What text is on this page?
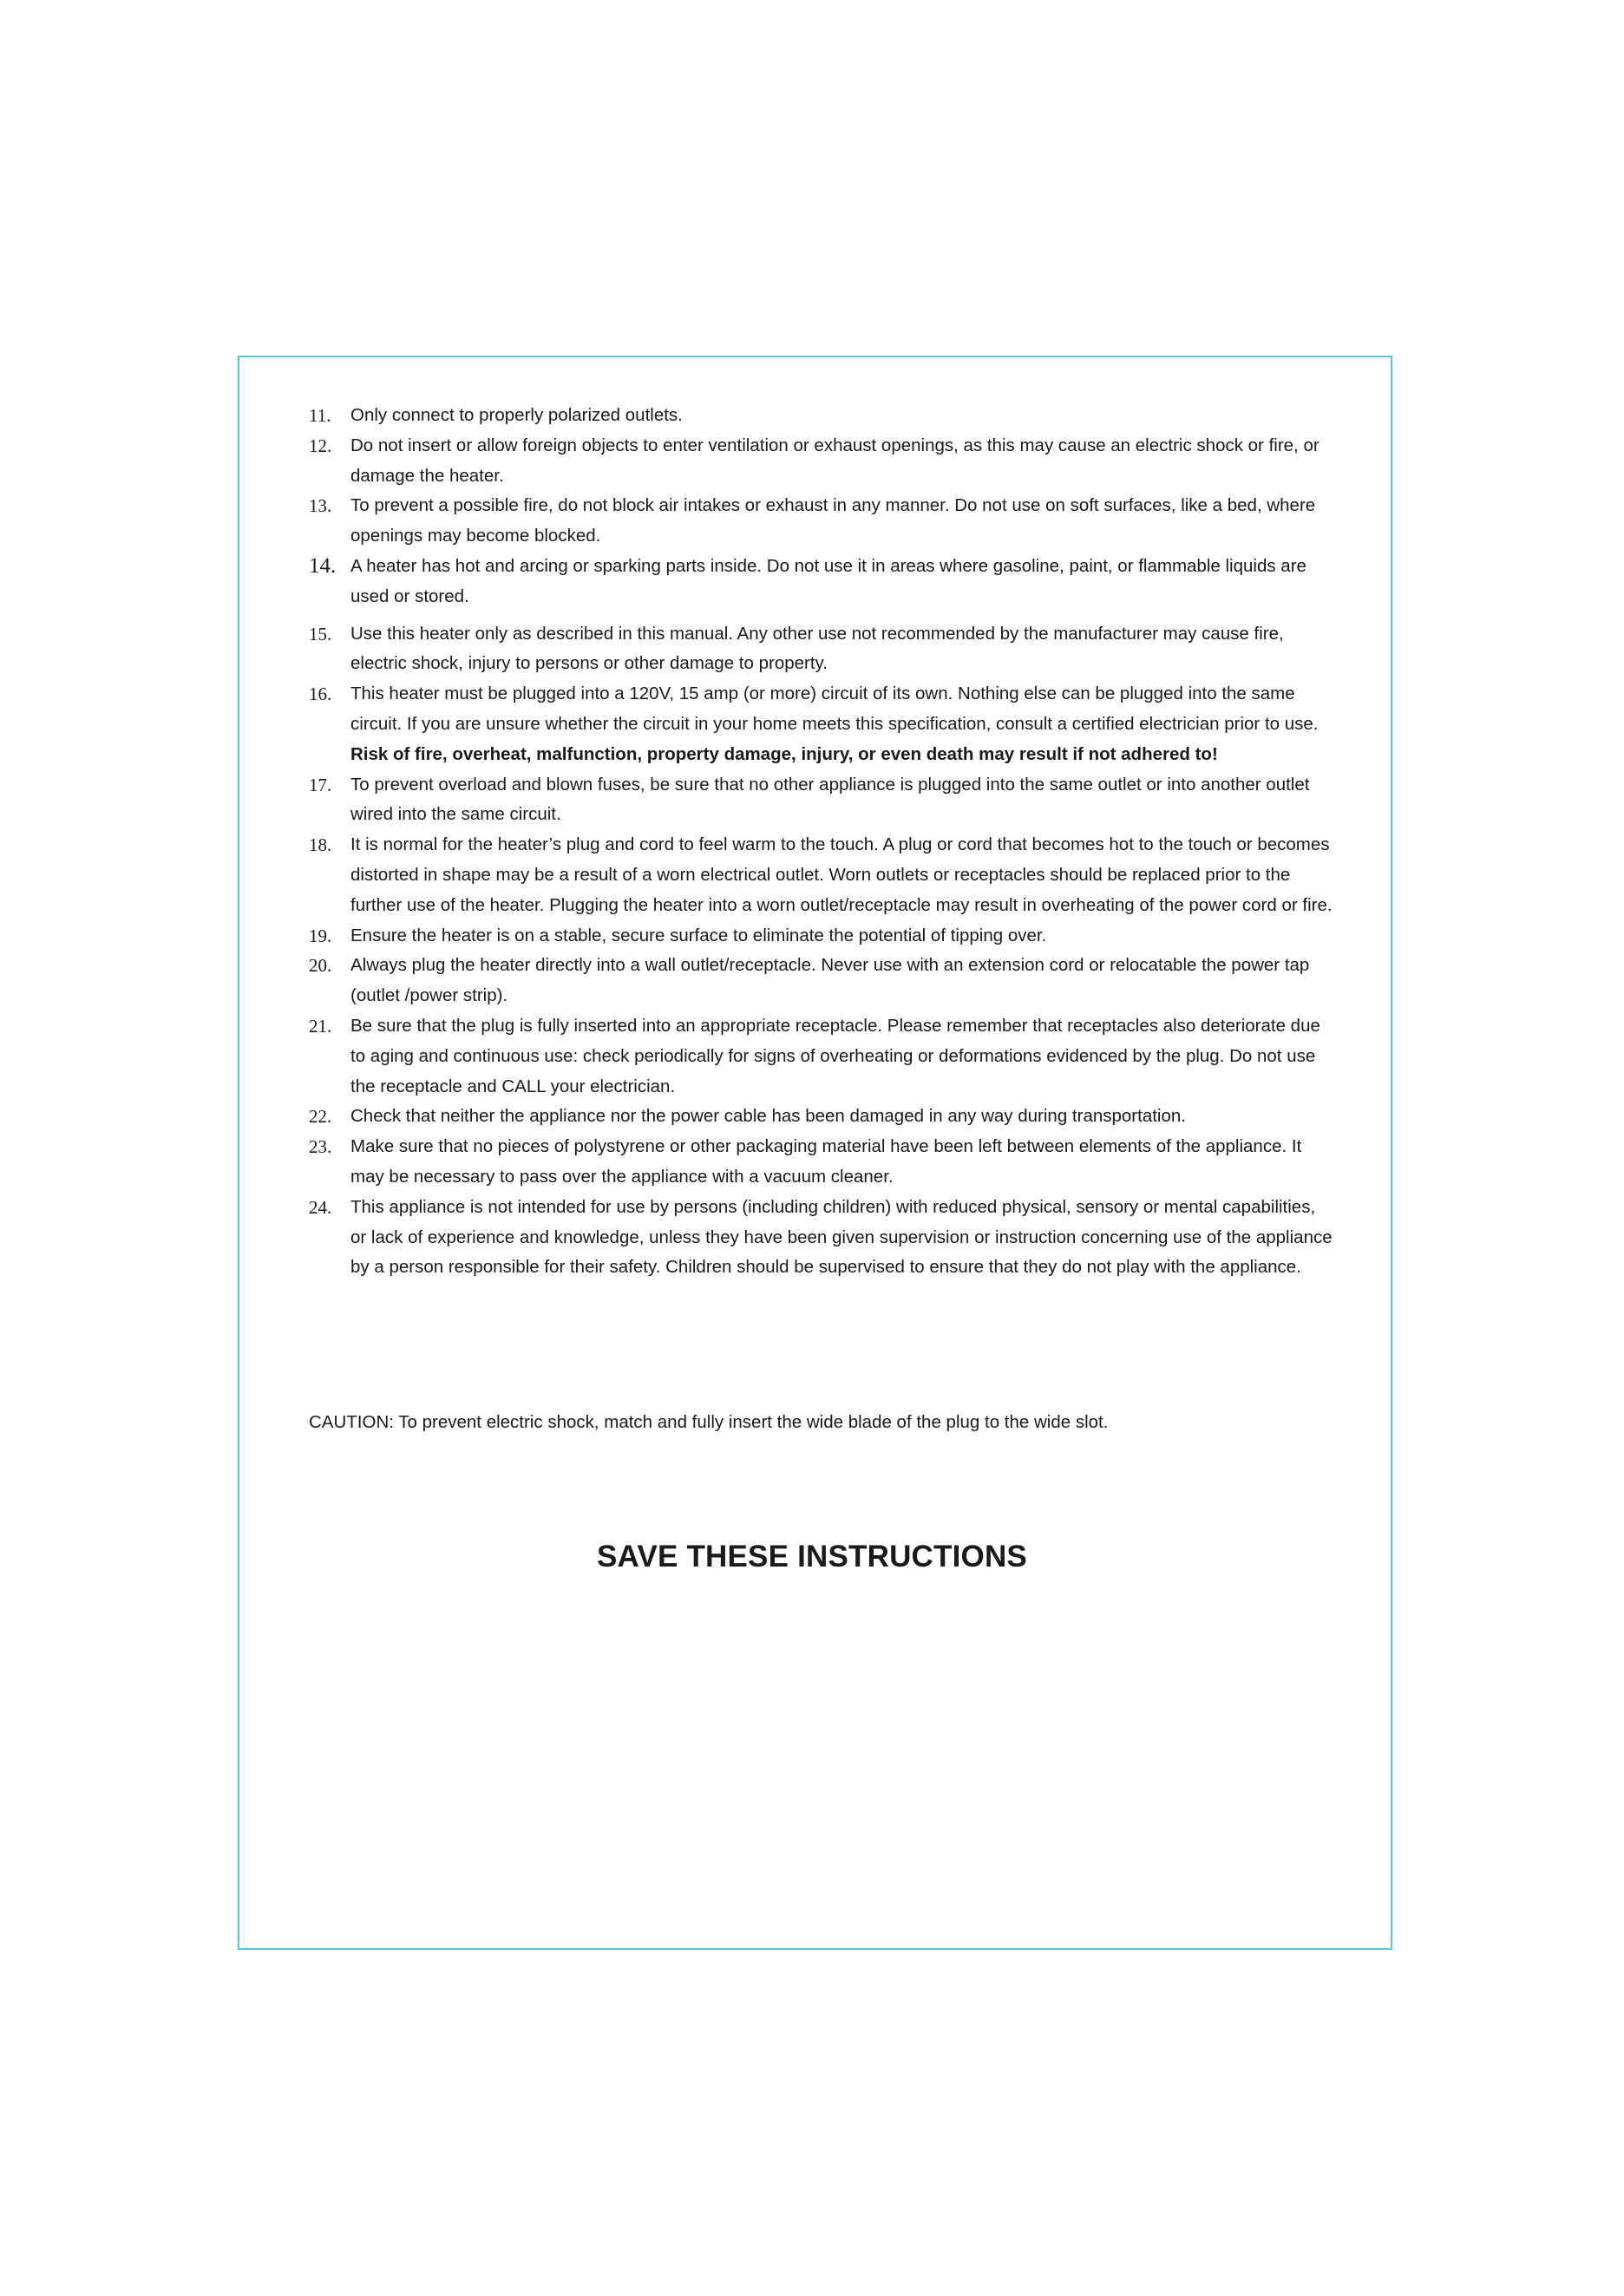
11. Only connect to properly polarized outlets.
12. Do not insert or allow foreign objects to enter ventilation or exhaust openings, as this may cause an electric shock or fire, or damage the heater.
13. To prevent a possible fire, do not block air intakes or exhaust in any manner. Do not use on soft surfaces, like a bed, where openings may become blocked.
14. A heater has hot and arcing or sparking parts inside. Do not use it in areas where gasoline, paint, or flammable liquids are used or stored.
15. Use this heater only as described in this manual. Any other use not recommended by the manufacturer may cause fire, electric shock, injury to persons or other damage to property.
16. This heater must be plugged into a 120V, 15 amp (or more) circuit of its own. Nothing else can be plugged into the same circuit. If you are unsure whether the circuit in your home meets this specification, consult a certified electrician prior to use. Risk of fire, overheat, malfunction, property damage, injury, or even death may result if not adhered to!
17. To prevent overload and blown fuses, be sure that no other appliance is plugged into the same outlet or into another outlet wired into the same circuit.
18. It is normal for the heater’s plug and cord to feel warm to the touch. A plug or cord that becomes hot to the touch or becomes distorted in shape may be a result of a worn electrical outlet. Worn outlets or receptacles should be replaced prior to the further use of the heater. Plugging the heater into a worn outlet/receptacle may result in overheating of the power cord or fire.
19. Ensure the heater is on a stable, secure surface to eliminate the potential of tipping over.
20. Always plug the heater directly into a wall outlet/receptacle. Never use with an extension cord or relocatable the power tap (outlet /power strip).
21. Be sure that the plug is fully inserted into an appropriate receptacle. Please remember that receptacles also deteriorate due to aging and continuous use: check periodically for signs of overheating or deformations evidenced by the plug. Do not use the receptacle and CALL your electrician.
22. Check that neither the appliance nor the power cable has been damaged in any way during transportation.
23. Make sure that no pieces of polystyrene or other packaging material have been left between elements of the appliance. It may be necessary to pass over the appliance with a vacuum cleaner.
24. This appliance is not intended for use by persons (including children) with reduced physical, sensory or mental capabilities, or lack of experience and knowledge, unless they have been given supervision or instruction concerning use of the appliance by a person responsible for their safety. Children should be supervised to ensure that they do not play with the appliance.
CAUTION: To prevent electric shock, match and fully insert the wide blade of the plug to the wide slot.
SAVE THESE INSTRUCTIONS
